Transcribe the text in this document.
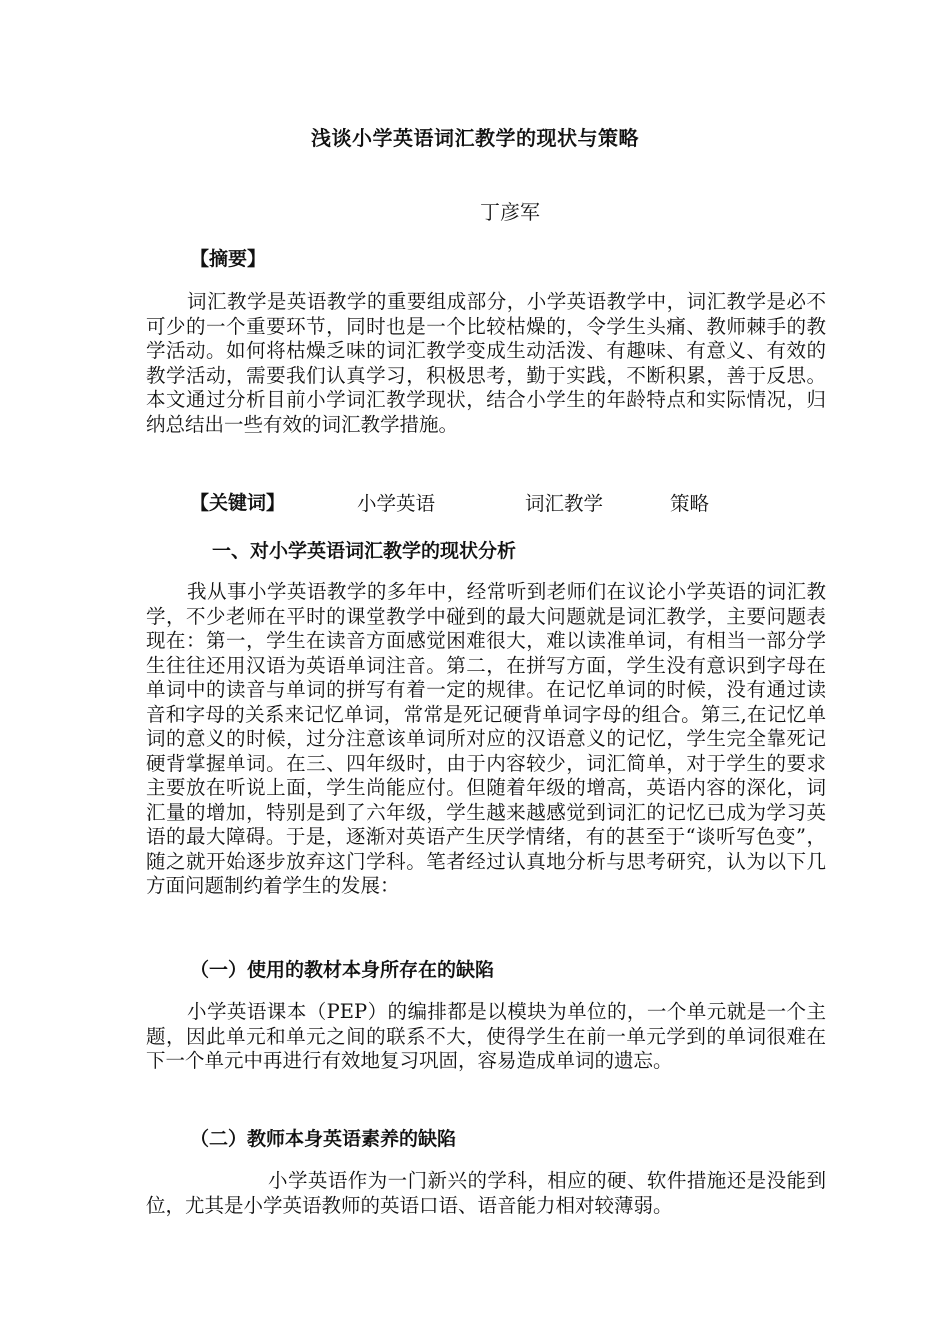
浅谈小学英语词汇教学的现状与策略
丁彦军
【摘要】

词汇教学是英语教学的重要组成部分，小学英语教学中，词汇教学是必不可少的一个重要环节，同时也是一个比较枯燥的，令学生头痛、教师棘手的教学活动。如何将枯燥乏味的词汇教学变成生动活泼、有趣味、有意义、有效的教学活动，需要我们认真学习，积极思考，勤于实践，不断积累，善于反思。本文通过分析目前小学词汇教学现状，结合小学生的年龄特点和实际情况，归纳总结出一些有效的词汇教学措施。

【关键词】	小学英语	词汇教学	策略
一、对小学英语词汇教学的现状分析

我从事小学英语教学的多年中，经常听到老师们在议论小学英语的词汇教学，不少老师在平时的课堂教学中碰到的最大问题就是词汇教学，主要问题表现在：第一，学生在读音方面感觉困难很大，难以读准单词，有相当一部分学生往往还用汉语为英语单词注音。第二，在拼写方面，学生没有意识到字母在单词中的读音与单词的拼写有着一定的规律。在记忆单词的时候，没有通过读音和字母的关系来记忆单词，常常是死记硬背单词字母的组合。第三,在记忆单词的意义的时候，过分注意该单词所对应的汉语意义的记忆，学生完全靠死记硬背掌握单词。在三、四年级时，由于内容较少，词汇简单，对于学生的要求主要放在听说上面，学生尚能应付。但随着年级的增高，英语内容的深化，词汇量的增加，特别是到了六年级，学生越来越感觉到词汇的记忆已成为学习英语的最大障碍。于是，逐渐对英语产生厌学情绪，有的甚至于“谈听写色变”，随之就开始逐步放弃这门学科。笔者经过认真地分析与思考研究，认为以下几方面问题制约着学生的发展：

（一）使用的教材本身所存在的缺陷

小学英语课本（PEP）的编排都是以模块为单位的，一个单元就是一个主题，因此单元和单元之间的联系不大，使得学生在前一单元学到的单词很难在下一个单元中再进行有效地复习巩固，容易造成单词的遗忘。

（二）教师本身英语素养的缺陷

小学英语作为一门新兴的学科，相应的硬、软件措施还是没能到位，尤其是小学英语教师的英语口语、语音能力相对较薄弱。
